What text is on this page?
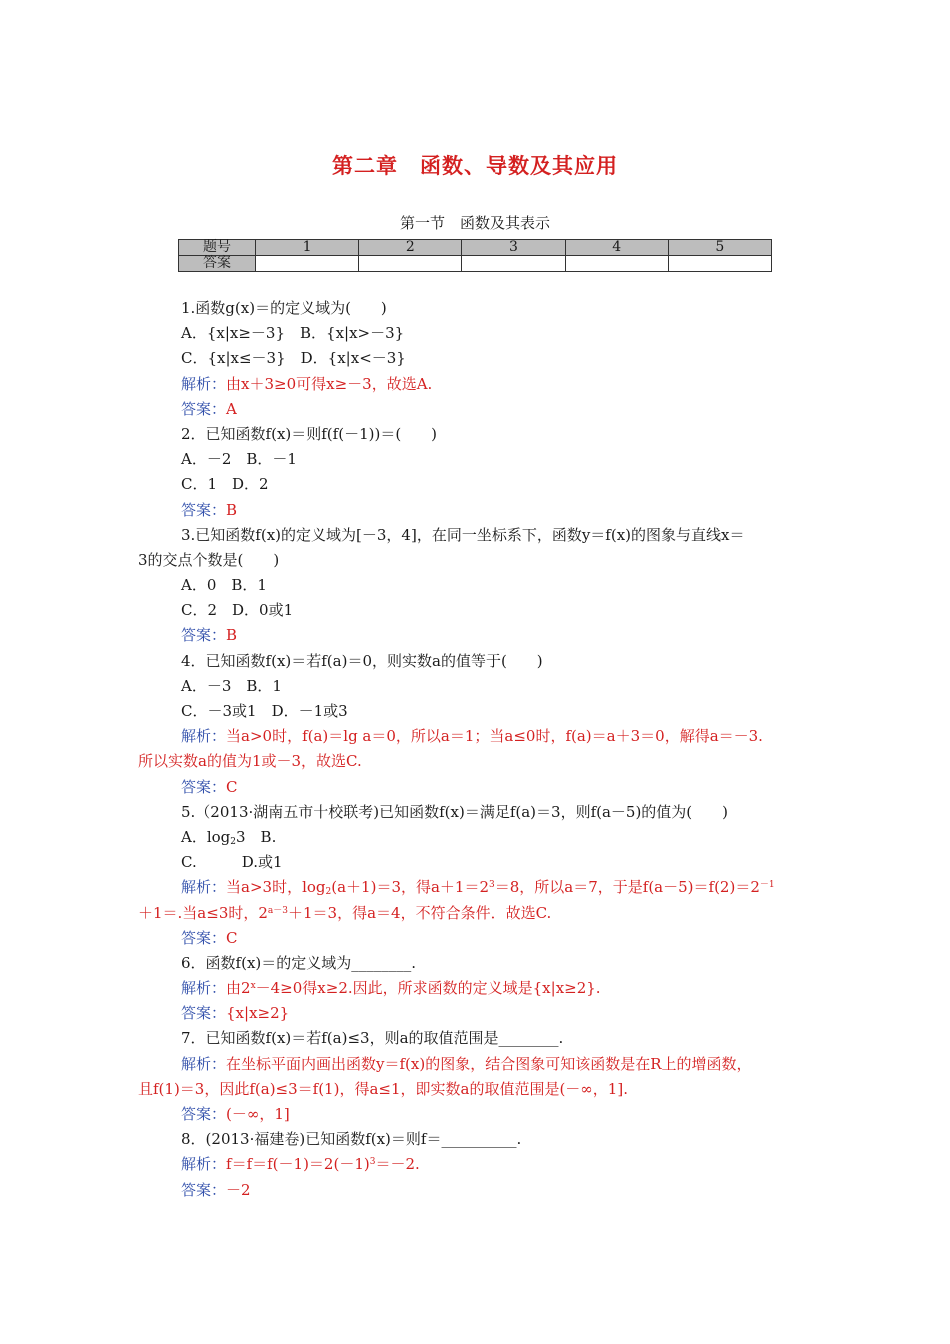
第二章　函数、导数及其应用
第一节　函数及其表示
题号	1	2	3	4	5
答案					
1.函数g(x)＝的定义域为(　　)
A．{x|x≥－3}　B．{x|x>－3}
C．{x|x≤－3}　D．{x|x<－3}
解析：由x＋3≥0可得x≥－3，故选A.
答案：A
2．已知函数f(x)＝则f(f(－1))＝(　　)
A．－2　B．－1
C．1　D．2
答案：B
3.已知函数f(x)的定义域为[－3，4]，在同一坐标系下，函数y＝f(x)的图象与直线x＝
3的交点个数是(　　)
A．0　B．1
C．2　D．0或1
答案：B
4．已知函数f(x)＝若f(a)＝0，则实数a的值等于(　　)
A．－3　B．1
C．－3或1　D．－1或3
解析：当a>0时，f(a)＝lg a＝0，所以a＝1；当a≤0时，f(a)＝a＋3＝0，解得a＝－3.
所以实数a的值为1或－3，故选C.
答案：C
5.（2013·湖南五市十校联考)已知函数f(x)＝满足f(a)＝3，则f(a－5)的值为(　　)
A．$\log_23$　B.
C.　　　D.或1
解析：当a>3时，$\log_2(a+1)=3$，得$a+1=2^3=8$，所以a＝7，于是$f(a-5)=f(2)=2^{-1}$
＋1＝.当a≤3时，$2^{a-3}+1=3$，得a＝4，不符合条件．故选C.
答案：C
6．函数f(x)＝的定义域为________.
解析：由$2^x-4\ge 0$得x≥2.因此，所求函数的定义域是{x|x≥2}.
答案：{x|x≥2}
7．已知函数f(x)＝若f(a)≤3，则a的取值范围是________.
解析：在坐标平面内画出函数y＝f(x)的图象，结合图象可知该函数是在R上的增函数，
且f(1)＝3，因此f(a)≤3＝f(1)，得a≤1，即实数a的取值范围是(－∞，1].
答案：(－∞，1]
8．(2013·福建卷)已知函数f(x)＝则f＝__________.
解析：$f=f=f(-1)=2(-1)^3=-2$.
答案：－2
